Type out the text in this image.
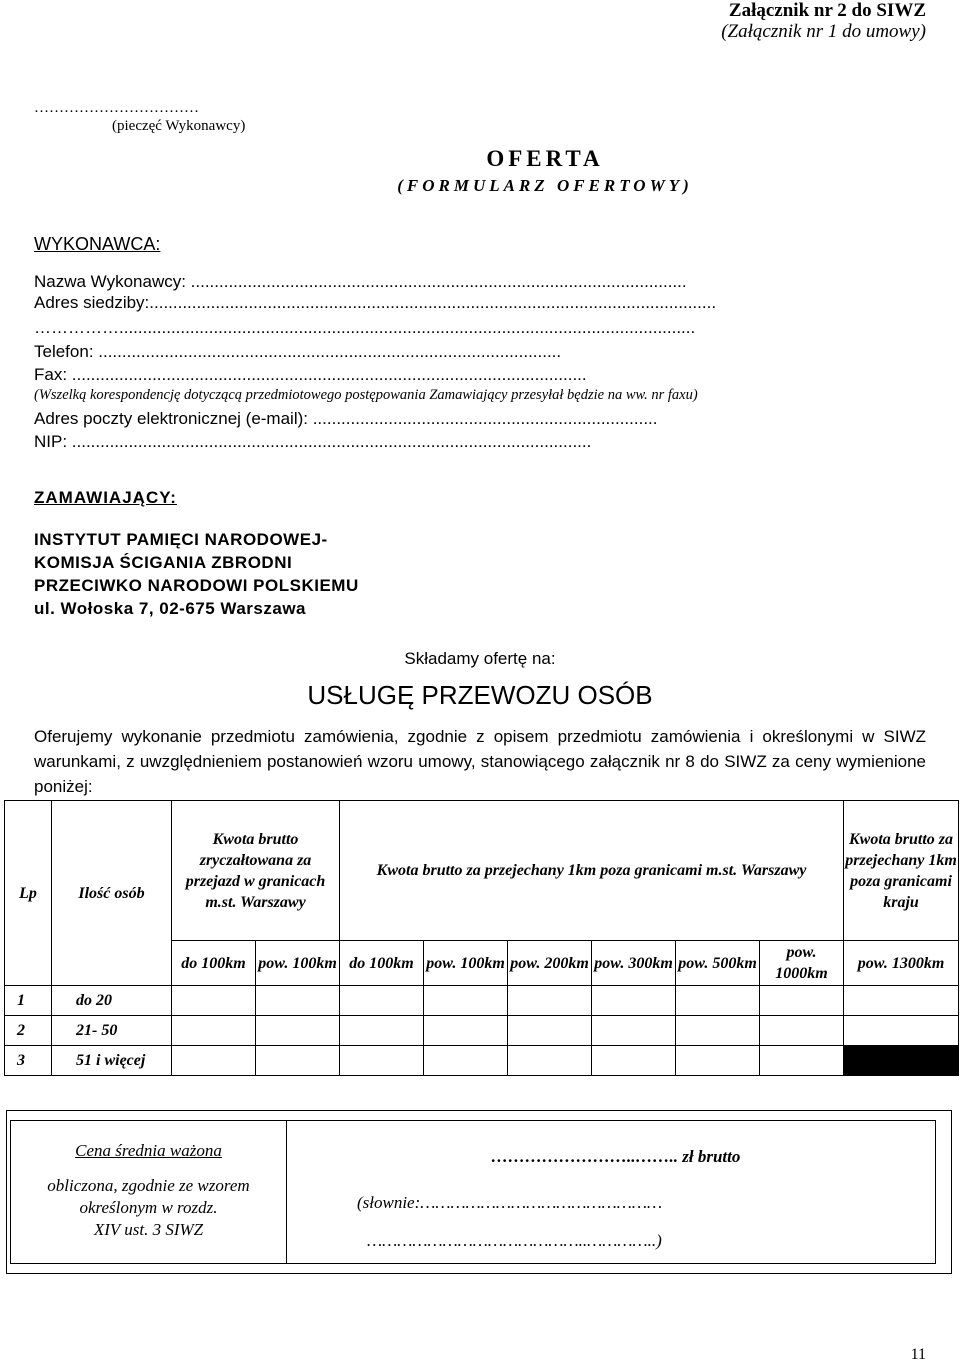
Załącznik nr 2 do SIWZ
(Załącznik nr 1 do umowy)
……………………………
(pieczęć Wykonawcy)
OFERTA
(FORMULARZ OFERTOWY)
WYKONAWCA:
Nazwa Wykonawcy: .........................................................................................................
Adres siedziby:........................................................................................................................
……………..........................................................................................................................
Telefon: ..................................................................................................
Fax: .............................................................................................................
(Wszelką korespondencję dotyczącą przedmiotowego postępowania Zamawiający przesyłał będzie na ww. nr faxu)
Adres poczty elektronicznej (e-mail): .........................................................................
NIP: ..............................................................................................................
ZAMAWIAJĄCY:
INSTYTUT PAMIĘCI NARODOWEJ-
KOMISJA ŚCIGANIA ZBRODNI
PRZECIWKO NARODOWI POLSKIEMU
ul. Wołoska 7, 02-675 Warszawa
Składamy ofertę na:
USŁUGĘ PRZEWOZU OSÓB
Oferujemy wykonanie przedmiotu zamówienia, zgodnie z opisem przedmiotu zamówienia i określonymi w SIWZ warunkami, z uwzględnieniem postanowień wzoru umowy, stanowiącego załącznik nr 8 do SIWZ za ceny wymienione poniżej:
Lp	Ilość osób	Kwota brutto zryczałtowana za przejazd w granicach m.st. Warszawy		Kwota brutto za przejechany 1km poza granicami m.st. Warszawy						Kwota brutto za przejechany 1km poza granicami kraju
		do 100km	pow. 100km	do 100km	pow. 100km	pow. 200km	pow. 300km	pow. 500km	pow. 1000km	pow. 1300km
1	do 20									
2	21- 50									
3	51 i więcej									
Cena średnia ważona
obliczona, zgodnie ze wzorem
określonym w rozdz.
XIV ust. 3 SIWZ
……………………..…….. zł brutto
(słownie:…………………………………………
……………………………………..…………..)
11
